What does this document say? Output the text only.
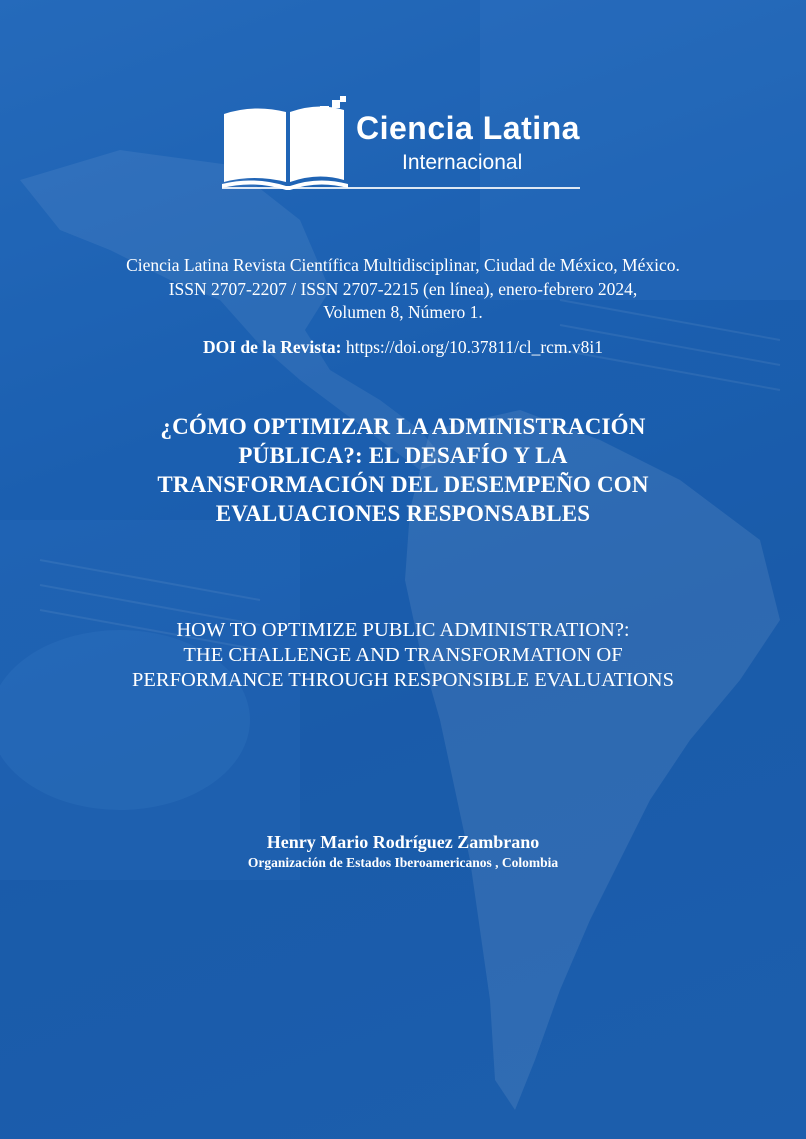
Ciencia Latina
Internacional
Ciencia Latina Revista Científica Multidisciplinar, Ciudad de México, México.
ISSN 2707-2207 / ISSN 2707-2215 (en línea), enero-febrero 2024,
Volumen 8, Número 1.
DOI de la Revista: https://doi.org/10.37811/cl_rcm.v8i1
¿CÓMO OPTIMIZAR LA ADMINISTRACIÓN
PÚBLICA?: EL DESAFÍO Y LA
TRANSFORMACIÓN DEL DESEMPEÑO CON
EVALUACIONES RESPONSABLES
HOW TO OPTIMIZE PUBLIC ADMINISTRATION?:
THE CHALLENGE AND TRANSFORMATION OF
PERFORMANCE THROUGH RESPONSIBLE EVALUATIONS
Henry Mario Rodríguez Zambrano
Organización de Estados Iberoamericanos , Colombia
